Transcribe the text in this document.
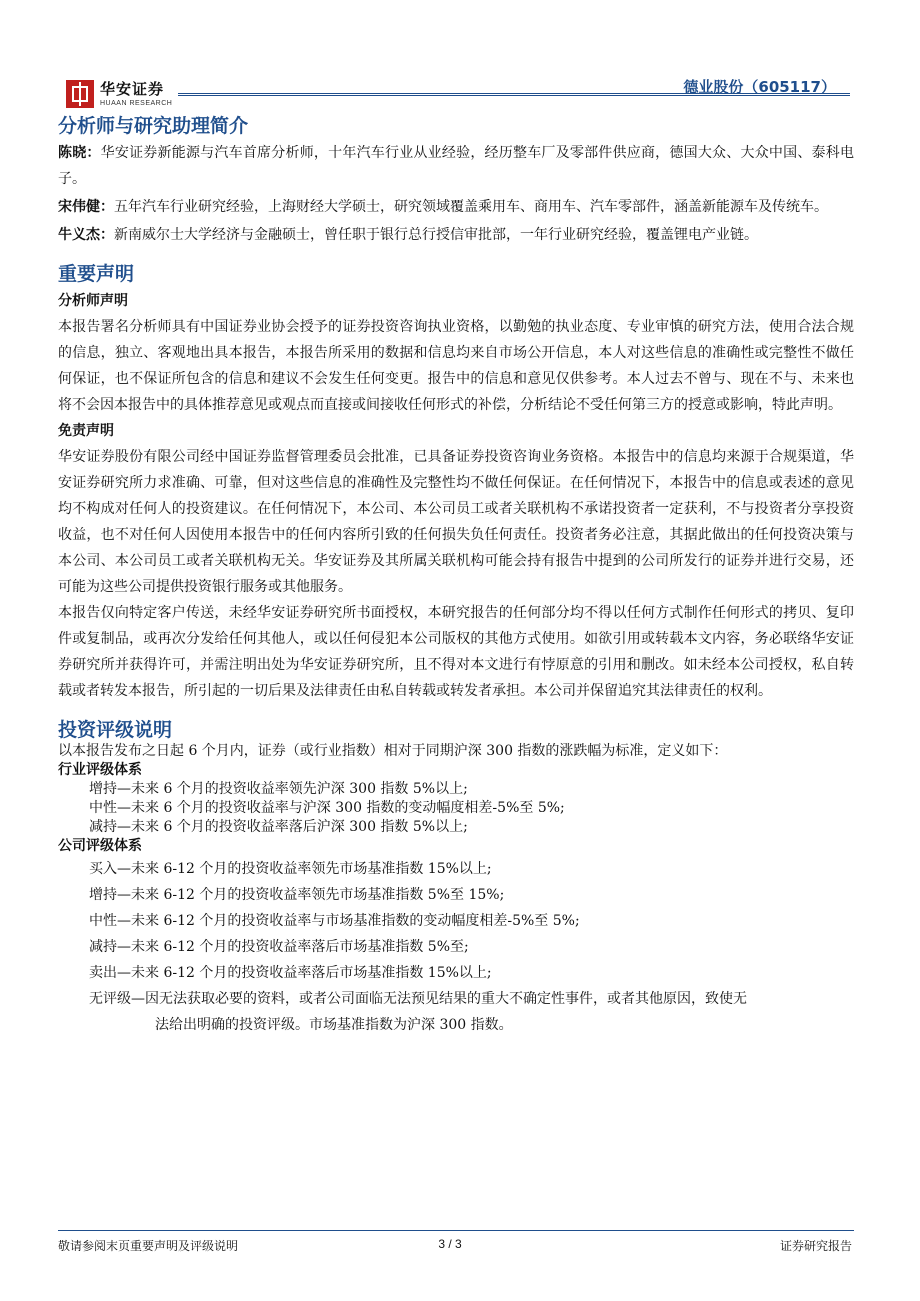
华安证券
HUAAN RESEARCH
德业股份（605117）

分析师与研究助理简介

陈晓：华安证券新能源与汽车首席分析师，十年汽车行业从业经验，经历整车厂及零部件供应商，德国大众、大众中国、泰科电子。

宋伟健：五年汽车行业研究经验，上海财经大学硕士，研究领域覆盖乘用车、商用车、汽车零部件，涵盖新能源车及传统车。

牛义杰：新南威尔士大学经济与金融硕士，曾任职于银行总行授信审批部，一年行业研究经验，覆盖锂电产业链。

重要声明

分析师声明

本报告署名分析师具有中国证券业协会授予的证券投资咨询执业资格，以勤勉的执业态度、专业审慎的研究方法，使用合法合规的信息，独立、客观地出具本报告，本报告所采用的数据和信息均来自市场公开信息，本人对这些信息的准确性或完整性不做任何保证，也不保证所包含的信息和建议不会发生任何变更。报告中的信息和意见仅供参考。本人过去不曾与、现在不与、未来也将不会因本报告中的具体推荐意见或观点而直接或间接收任何形式的补偿，分析结论不受任何第三方的授意或影响，特此声明。

免责声明

华安证券股份有限公司经中国证券监督管理委员会批准，已具备证券投资咨询业务资格。本报告中的信息均来源于合规渠道，华安证券研究所力求准确、可靠，但对这些信息的准确性及完整性均不做任何保证。在任何情况下，本报告中的信息或表述的意见均不构成对任何人的投资建议。在任何情况下，本公司、本公司员工或者关联机构不承诺投资者一定获利，不与投资者分享投资收益，也不对任何人因使用本报告中的任何内容所引致的任何损失负任何责任。投资者务必注意，其据此做出的任何投资决策与本公司、本公司员工或者关联机构无关。华安证券及其所属关联机构可能会持有报告中提到的公司所发行的证券并进行交易，还可能为这些公司提供投资银行服务或其他服务。

本报告仅向特定客户传送，未经华安证券研究所书面授权，本研究报告的任何部分均不得以任何方式制作任何形式的拷贝、复印件或复制品，或再次分发给任何其他人，或以任何侵犯本公司版权的其他方式使用。如欲引用或转载本文内容，务必联络华安证券研究所并获得许可，并需注明出处为华安证券研究所，且不得对本文进行有悖原意的引用和删改。如未经本公司授权，私自转载或者转发本报告，所引起的一切后果及法律责任由私自转载或转发者承担。本公司并保留追究其法律责任的权利。

投资评级说明

以本报告发布之日起 6 个月内，证券（或行业指数）相对于同期沪深 300 指数的涨跌幅为标准，定义如下：

行业评级体系

增持—未来 6 个月的投资收益率领先沪深 300 指数 5%以上;

中性—未来 6 个月的投资收益率与沪深 300 指数的变动幅度相差-5%至 5%;

减持—未来 6 个月的投资收益率落后沪深 300 指数 5%以上;

公司评级体系

买入—未来 6-12 个月的投资收益率领先市场基准指数 15%以上;

增持—未来 6-12 个月的投资收益率领先市场基准指数 5%至 15%;

中性—未来 6-12 个月的投资收益率与市场基准指数的变动幅度相差-5%至 5%;

减持—未来 6-12 个月的投资收益率落后市场基准指数 5%至;

卖出—未来 6-12 个月的投资收益率落后市场基准指数 15%以上;

无评级—因无法获取必要的资料，或者公司面临无法预见结果的重大不确定性事件，或者其他原因，致使无

法给出明确的投资评级。市场基准指数为沪深 300 指数。

敬请参阅末页重要声明及评级说明	3 / 3	证券研究报告
